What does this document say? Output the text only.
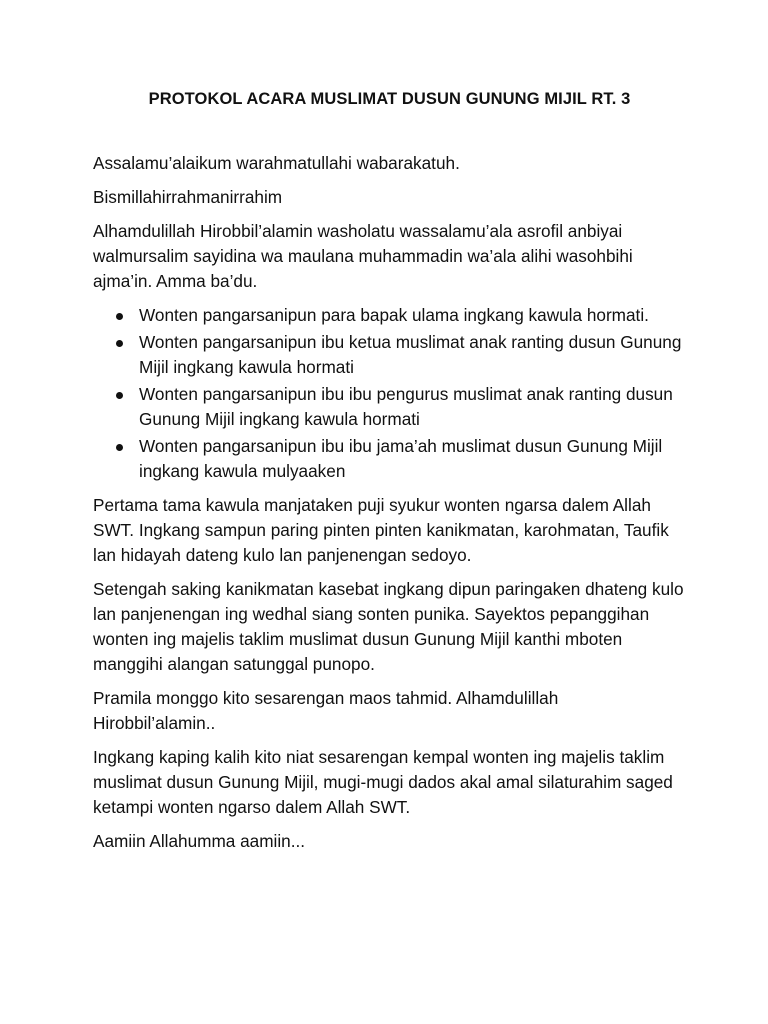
PROTOKOL ACARA MUSLIMAT DUSUN GUNUNG MIJIL RT. 3

Assalamu’alaikum warahmatullahi wabarakatuh.

Bismillahirrahmanirrahim

Alhamdulillah Hirobbil’alamin washolatu wassalamu’ala asrofil anbiyai walmursalim sayidina wa maulana muhammadin wa’ala alihi wasohbihi ajma’in. Amma ba’du.

Wonten pangarsanipun para bapak ulama ingkang kawula hormati.
Wonten pangarsanipun ibu ketua muslimat anak ranting dusun Gunung Mijil ingkang kawula hormati
Wonten pangarsanipun ibu ibu pengurus muslimat anak ranting dusun Gunung Mijil ingkang kawula hormati
Wonten pangarsanipun ibu ibu jama’ah muslimat dusun Gunung Mijil ingkang kawula mulyaaken

Pertama tama kawula manjataken puji syukur wonten ngarsa dalem Allah SWT. Ingkang sampun paring pinten pinten kanikmatan, karohmatan, Taufik lan hidayah dateng kulo lan panjenengan sedoyo.

Setengah saking kanikmatan kasebat ingkang dipun paringaken dhateng kulo lan panjenengan ing wedhal siang sonten punika. Sayektos pepanggihan wonten ing majelis taklim muslimat dusun Gunung Mijil kanthi mboten manggihi alangan satunggal punopo.

Pramila monggo kito sesarengan maos tahmid. Alhamdulillah Hirobbil’alamin..

Ingkang kaping kalih kito niat sesarengan kempal wonten ing majelis taklim muslimat dusun Gunung Mijil, mugi-mugi dados akal amal silaturahim saged ketampi wonten ngarso dalem Allah SWT.

Aamiin Allahumma aamiin...
